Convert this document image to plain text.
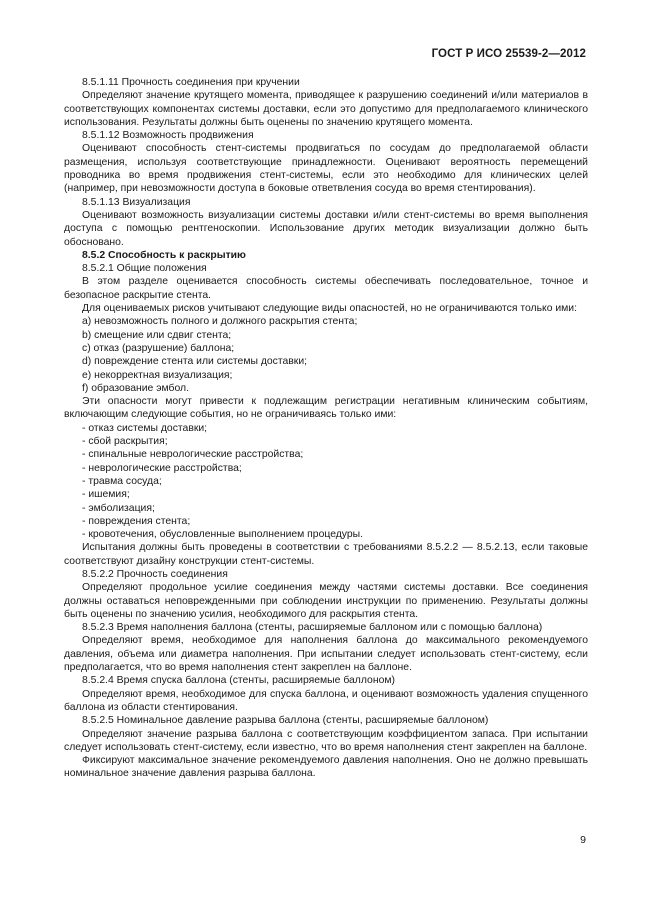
ГОСТ Р ИСО 25539-2—2012

8.5.1.11 Прочность соединения при кручении

Определяют значение крутящего момента, приводящее к разрушению соединений и/или материалов в соответствующих компонентах системы доставки, если это допустимо для предполагаемого клинического использования. Результаты должны быть оценены по значению крутящего момента.

8.5.1.12 Возможность продвижения

Оценивают способность стент-системы продвигаться по сосудам до предполагаемой области размещения, используя соответствующие принадлежности. Оценивают вероятность перемещений проводника во время продвижения стент-системы, если это необходимо для клинических целей (например, при невозможности доступа в боковые ответвления сосуда во время стентирования).

8.5.1.13 Визуализация

Оценивают возможность визуализации системы доставки и/или стент-системы во время выполнения доступа с помощью рентгеноскопии. Использование других методик визуализации должно быть обосновано.

8.5.2 Способность к раскрытию

8.5.2.1 Общие положения

В этом разделе оценивается способность системы обеспечивать последовательное, точное и безопасное раскрытие стента.

Для оцениваемых рисков учитывают следующие виды опасностей, но не ограничиваются только ими:

a) невозможность полного и должного раскрытия стента;

b) смещение или сдвиг стента;

c) отказ (разрушение) баллона;

d) повреждение стента или системы доставки;

e) некорректная визуализация;

f) образование эмбол.

Эти опасности могут привести к подлежащим регистрации негативным клиническим событиям, включающим следующие события, но не ограничиваясь только ими:

- отказ системы доставки;

- сбой раскрытия;

- спинальные неврологические расстройства;

- неврологические расстройства;

- травма сосуда;

- ишемия;

- эмболизация;

- повреждения стента;

- кровотечения, обусловленные выполнением процедуры.

Испытания должны быть проведены в соответствии с требованиями 8.5.2.2 — 8.5.2.13, если таковые соответствуют дизайну конструкции стент-системы.

8.5.2.2 Прочность соединения

Определяют продольное усилие соединения между частями системы доставки. Все соединения должны оставаться неповрежденными при соблюдении инструкции по применению. Результаты должны быть оценены по значению усилия, необходимого для раскрытия стента.

8.5.2.3 Время наполнения баллона (стенты, расширяемые баллоном или с помощью баллона)

Определяют время, необходимое для наполнения баллона до максимального рекомендуемого давления, объема или диаметра наполнения. При испытании следует использовать стент-систему, если предполагается, что во время наполнения стент закреплен на баллоне.

8.5.2.4 Время спуска баллона (стенты, расширяемые баллоном)

Определяют время, необходимое для спуска баллона, и оценивают возможность удаления спущенного баллона из области стентирования.

8.5.2.5 Номинальное давление разрыва баллона (стенты, расширяемые баллоном)

Определяют значение разрыва баллона с соответствующим коэффициентом запаса. При испытании следует использовать стент-систему, если известно, что во время наполнения стент закреплен на баллоне.

Фиксируют максимальное значение рекомендуемого давления наполнения. Оно не должно превышать номинальное значение давления разрыва баллона.

9
